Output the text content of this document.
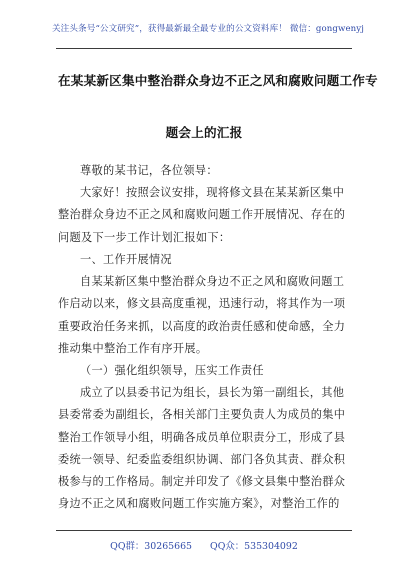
关注头条号“公文研究”，获得最新最全最专业的公文资料库！ 微信：gongwenyj
在某某新区集中整治群众身边不正之风和腐败问题工作专
题会上的汇报
尊敬的某书记，各位领导：
大家好！按照会议安排，现将修文县在某某新区集中整治群众身边不正之风和腐败问题工作开展情况、存在的问题及下一步工作计划汇报如下：
一、工作开展情况
自某某新区集中整治群众身边不正之风和腐败问题工作启动以来，修文县高度重视，迅速行动，将其作为一项重要政治任务来抓，以高度的政治责任感和使命感，全力推动集中整治工作有序开展。
（一）强化组织领导，压实工作责任
成立了以县委书记为组长，县长为第一副组长，其他县委常委为副组长，各相关部门主要负责人为成员的集中整治工作领导小组，明确各成员单位职责分工，形成了县委统一领导、纪委监委组织协调、部门各负其责、群众积极参与的工作格局。制定并印发了《修文县集中整治群众身边不正之风和腐败问题工作实施方案》，对整治工作的
QQ群：30265665 QQ众：535304092
